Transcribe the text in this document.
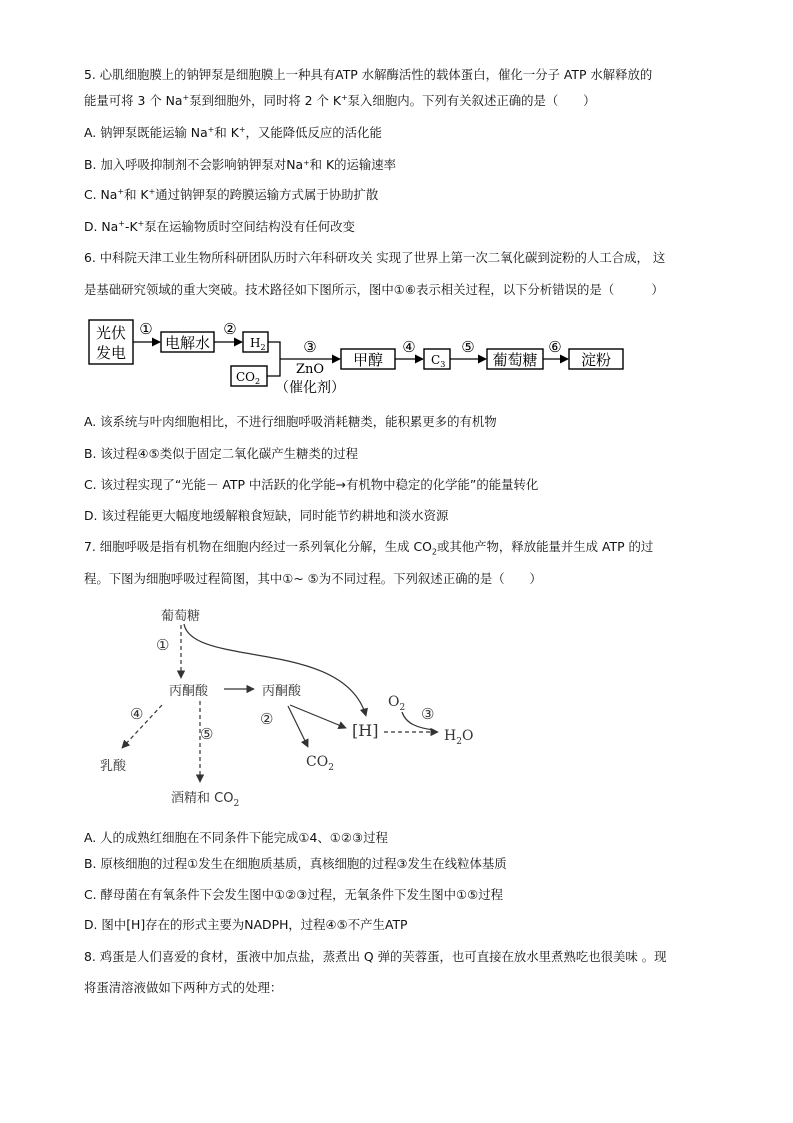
5. 心肌细胞膜上的钠钾泵是细胞膜上一种具有ATP 水解酶活性的载体蛋白，催化一分子 ATP 水解释放的
能量可将 3 个 Na+泵到细胞外，同时将 2 个 K+泵入细胞内。下列有关叙述正确的是（　　）
A. 钠钾泵既能运输 Na+和 K+，又能降低反应的活化能
B. 加入呼吸抑制剂不会影响钠钾泵对Na⁺和 K的运输速率
C. Na+和 K+通过钠钾泵的跨膜运输方式属于协助扩散
D. Na+-K+泵在运输物质时空间结构没有任何改变
6. 中科院天津工业生物所科研团队历时六年科研攻关 实现了世界上第一次二氧化碳到淀粉的人工合成， 这
是基础研究领域的重大突破。技术路径如下图所示，图中①⑥表示相关过程，以下分析错误的是（　　　）
光伏
发电
①
电解水
②
$H_2$
$CO_2$
③
ZnO
（催化剂）
甲醇
④
$C_3$
⑤
葡萄糖
⑥
淀粉
A. 该系统与叶肉细胞相比，不进行细胞呼吸消耗糖类，能积累更多的有机物
B. 该过程④⑤类似于固定二氧化碳产生糖类的过程
C. 该过程实现了“光能－ ATP 中活跃的化学能→有机物中稳定的化学能”的能量转化
D. 该过程能更大幅度地缓解粮食短缺，同时能节约耕地和淡水资源
7. 细胞呼吸是指有机物在细胞内经过一系列氧化分解，生成 $CO_2$或其他产物，释放能量并生成 ATP 的过
程。下图为细胞呼吸过程简图，其中①~ ⑤为不同过程。下列叙述正确的是（　　）
葡萄糖
①
丙酮酸	丙酮酸
④
⑤
②
[H]
$O_2$ ③
$H_2O$
乳酸	$CO_2$
酒精和 $CO_2$
A. 人的成熟红细胞在不同条件下能完成①4、①②③过程
B. 原核细胞的过程①发生在细胞质基质，真核细胞的过程③发生在线粒体基质
C. 酵母菌在有氧条件下会发生图中①②③过程，无氧条件下发生图中①⑤过程
D. 图中[H]存在的形式主要为NADPH，过程④⑤不产生ATP
8. 鸡蛋是人们喜爱的食材，蛋液中加点盐，蒸煮出 Q 弹的芙蓉蛋，也可直接在放水里煮熟吃也很美味 。现
将蛋清溶液做如下两种方式的处理：
